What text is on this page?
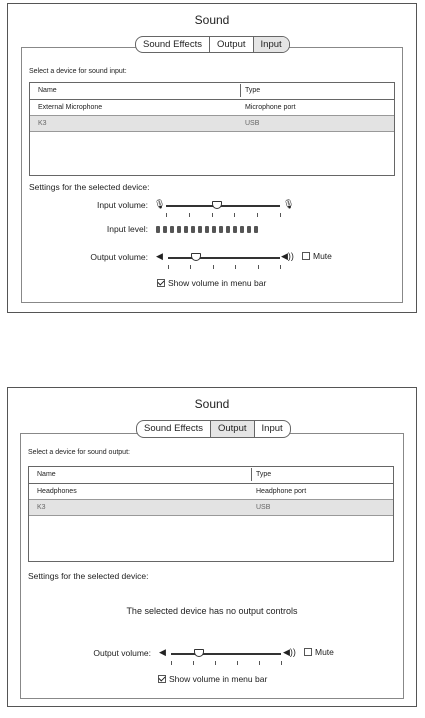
Sound
Select a device for sound input:
Name	Type
External Microphone	Microphone port
K3	USB
Settings for the selected device:
Input volume: 🎙	🎙
Input level:
Output volume: ◀	◀)) Mute
Show volume in menu bar
Sound Effects	Output	Input
Sound
Select a device for sound output:
Name	Type
Headphones	Headphone port
K3	USB
Settings for the selected device:
The selected device has no output controls
Output volume: ◀	◀)) Mute
Show volume in menu bar
Sound Effects	Output	Input
